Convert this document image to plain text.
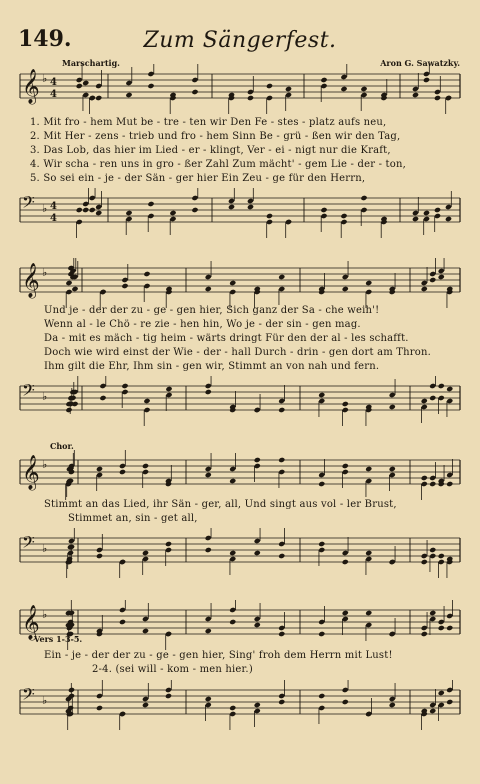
149.	Zum Sängerfest.
Marschartig.	Aron G. Sawatzky.
𝄞 ♭ 4
4
1. Mit fro - hem Mut be - tre - ten wir Den Fe - stes - platz aufs neu,
2. Mit Her - zens - trieb und fro - hem Sinn Be - grü - ßen wir den Tag,
3. Das Lob, das hier im Lied - er - klingt, Ver - ei - nigt nur die Kraft,
4. Wir scha - ren uns in gro - ßer Zahl Zum mächt' - gem Lie - der - ton,
5. So sei ein - je - der Sän - ger hier Ein Zeu - ge für den Herrn,
𝄢 ♭ 4
4
𝄞 ♭
Und je - der der zu - ge - gen hier, Sich ganz der Sa - che weih'!
Wenn al - le Chö - re zie - hen hin, Wo je - der sin - gen mag.
Da - mit es mäch - tig heim - wärts dringt Für den der al - les schafft.
Doch wie wird einst der Wie - der - hall Durch - drin - gen dort am Thron.
Ihm gilt die Ehr, Ihm sin - gen wir, Stimmt an von nah und fern.
𝄢 ♭
Chor.
𝄞 ♭
Stimmt an das Lied, ihr Sän - ger, all, Und singt aus vol - ler Brust,
Stimmet an, sin - get all,
𝄢 ♭
𝄞 ♭
Vers 1-3-5.
Ein - je - der der zu - ge - gen hier, Sing' froh dem Herrn mit Lust!
2-4. (sei will - kom - men hier.)
𝄢 ♭
